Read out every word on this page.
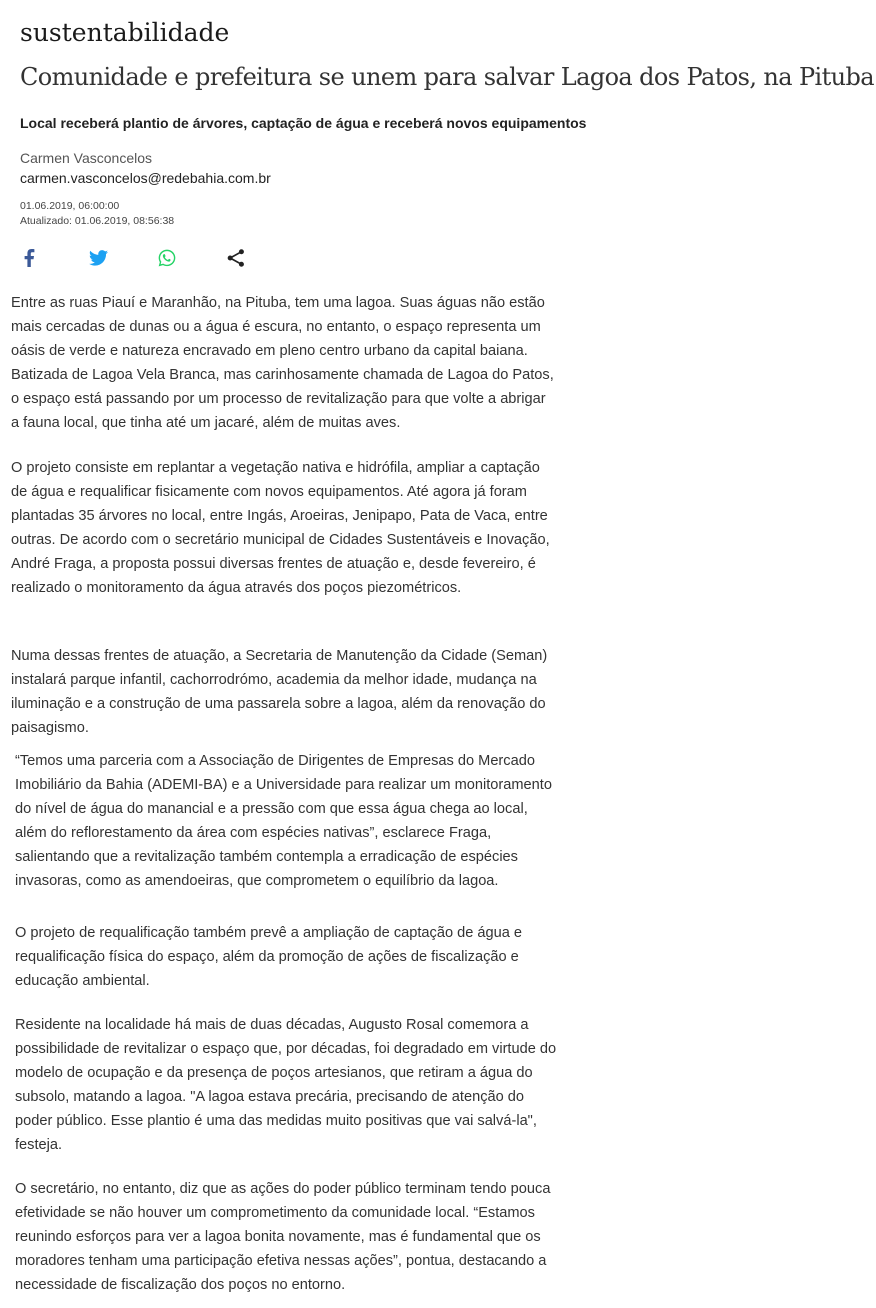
sustentabilidade
Comunidade e prefeitura se unem para salvar Lagoa dos Patos, na Pituba
Local receberá plantio de árvores, captação de água e receberá novos equipamentos
Carmen Vasconcelos
carmen.vasconcelos@redebahia.com.br
01.06.2019, 06:00:00
Atualizado: 01.06.2019, 08:56:38

Entre as ruas Piauí e Maranhão, na Pituba, tem uma lagoa. Suas águas não estão mais cercadas de dunas ou a água é escura, no entanto, o espaço representa um oásis de verde e natureza encravado em pleno centro urbano da capital baiana. Batizada de Lagoa Vela Branca, mas carinhosamente chamada de Lagoa do Patos, o espaço está passando por um processo de revitalização para que volte a abrigar a fauna local, que tinha até um jacaré, além de muitas aves.

O projeto consiste em replantar a vegetação nativa e hidrófila, ampliar a captação de água e requalificar fisicamente com novos equipamentos. Até agora já foram plantadas 35 árvores no local, entre Ingás, Aroeiras, Jenipapo, Pata de Vaca, entre outras. De acordo com o secretário municipal de Cidades Sustentáveis e Inovação, André Fraga, a proposta possui diversas frentes de atuação e, desde fevereiro, é realizado o monitoramento da água através dos poços piezométricos.

Numa dessas frentes de atuação, a Secretaria de Manutenção da Cidade (Seman) instalará parque infantil, cachorrodrómo, academia da melhor idade, mudança na iluminação e a construção de uma passarela sobre a lagoa, além da renovação do paisagismo.

“Temos uma parceria com a Associação de Dirigentes de Empresas do Mercado Imobiliário da Bahia (ADEMI-BA) e a Universidade para realizar um monitoramento do nível de água do manancial e a pressão com que essa água chega ao local, além do reflorestamento da área com espécies nativas”, esclarece Fraga, salientando que a revitalização também contempla a erradicação de espécies invasoras, como as amendoeiras, que comprometem o equilíbrio da lagoa.

O projeto de requalificação também prevê a ampliação de captação de água e requalificação física do espaço, além da promoção de ações de fiscalização e educação ambiental.

Residente na localidade há mais de duas décadas, Augusto Rosal comemora a possibilidade de revitalizar o espaço que, por décadas, foi degradado em virtude do modelo de ocupação e da presença de poços artesianos, que retiram a água do subsolo, matando a lagoa. "A lagoa estava precária, precisando de atenção do poder público. Esse plantio é uma das medidas muito positivas que vai salvá-la", festeja.

O secretário, no entanto, diz que as ações do poder público terminam tendo pouca efetividade se não houver um comprometimento da comunidade local. “Estamos reunindo esforços para ver a lagoa bonita novamente, mas é fundamental que os moradores tenham uma participação efetiva nessas ações”, pontua, destacando a necessidade de fiscalização dos poços no entorno.
